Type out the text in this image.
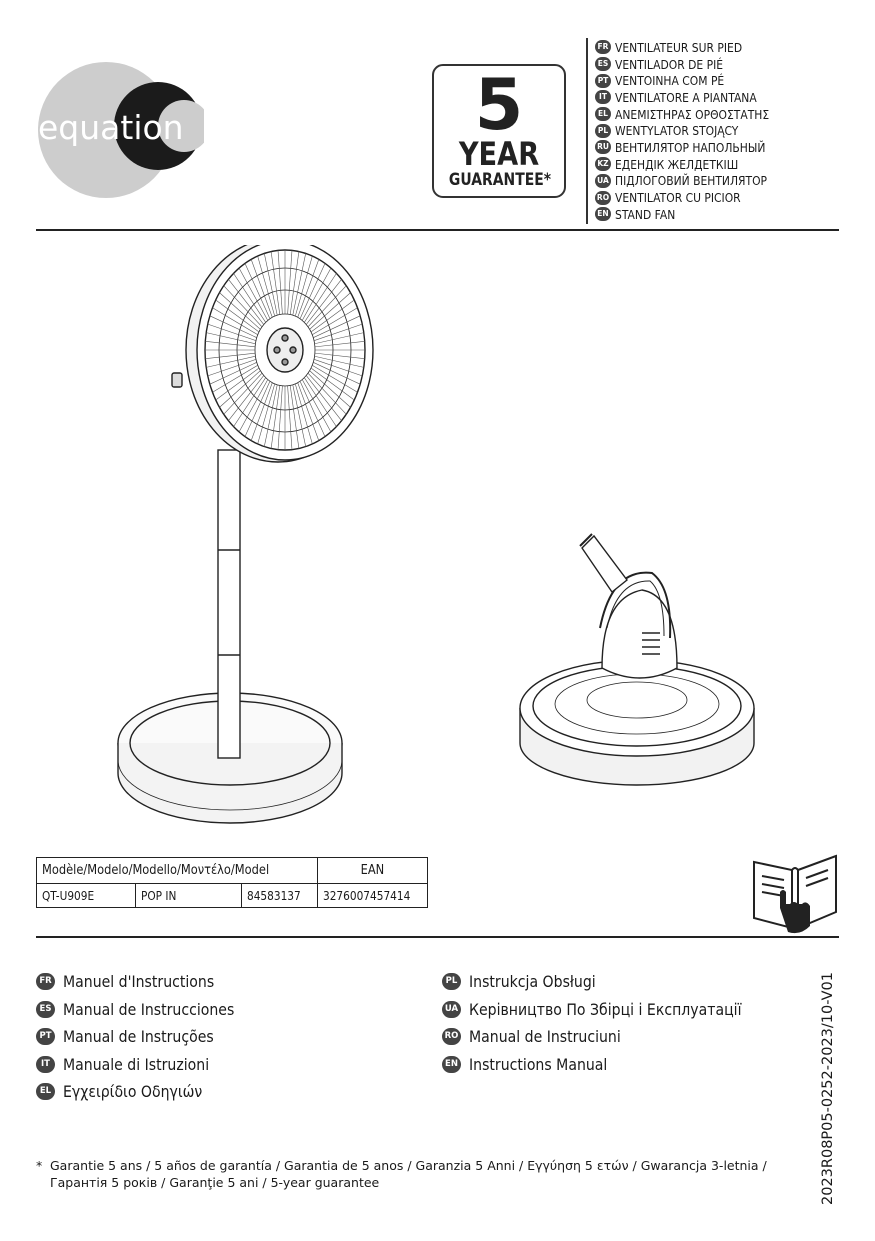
equation	5
YEAR
GUARANTEE*
FR VENTILATEUR SUR PIED
ES VENTILADOR DE PIÉ
PT VENTOINHA COM PÉ
IT VENTILATORE A PIANTANA
EL ΑΝΕΜΙΣΤΗΡΑΣ ΟΡΘΟΣΤΑΤΗΣ
PL WENTYLATOR STOJĄCY
RU ВЕНТИЛЯТОР НАПОЛЬНЫЙ
KZ ЕДЕНДІК ЖЕЛДЕТКІШ
UA ПІДЛОГОВИЙ ВЕНТИЛЯТОР
RO VENTILATOR CU PICIOR
EN STAND FAN
Modèle/Modelo/Modello/Μοντέλο/Model			EAN
QT-U909E	POP IN	84583137	3276007457414
FR Manuel d'Instructions
ES Manual de Instrucciones
PT Manual de Instruções
IT Manuale di Istruzioni
EL Εγχειρίδιο Οδηγιών
PL Instrukcja Obsługi
UA Керівництво По Збірці і Експлуатації
RO Manual de Instruciuni
EN Instructions Manual
* Garantie 5 ans / 5 años de garantía / Garantia de 5 anos / Garanzia 5 Anni / Εγγύηση 5 ετών / Gwarancja 3-letnia /
Гарантія 5 років / Garanţie 5 ani / 5-year guarantee	2023R08P05-0252-2023/10-V01
